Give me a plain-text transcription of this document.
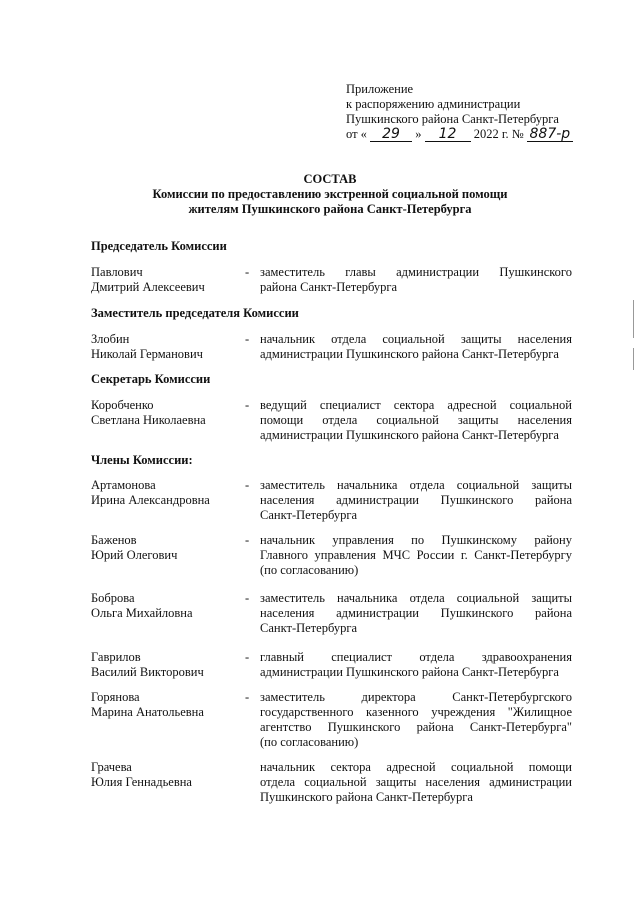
Приложение
к распоряжению администрации
Пушкинского района Санкт-Петербурга
от « 29 » 12 2022 г. № 887-р
СОСТАВ
Комиссии по предоставлению экстренной социальной помощи
жителям Пушкинского района Санкт-Петербурга
Председатель Комиссии
Заместитель председателя Комиссии
Секретарь Комиссии
Члены Комиссии:
Павлович
Дмитрий Алексеевич
- заместитель главы администрации Пушкинского
района Санкт-Петербурга
Злобин
Николай Германович
- начальник отдела социальной защиты населения
администрации Пушкинского района Санкт-Петербурга
Коробченко
Светлана Николаевна
- ведущий специалист сектора адресной социальной
помощи отдела социальной защиты населения
администрации Пушкинского района Санкт-Петербурга
Артамонова
Ирина Александровна
- заместитель начальника отдела социальной защиты
населения администрации Пушкинского района
Санкт-Петербурга
Баженов
Юрий Олегович
- начальник управления по Пушкинскому району
Главного управления МЧС России г. Санкт-Петербургу
(по согласованию)
Боброва
Ольга Михайловна
- заместитель начальника отдела социальной защиты
населения администрации Пушкинского района
Санкт-Петербурга
Гаврилов
Василий Викторович
- главный специалист отдела здравоохранения
администрации Пушкинского района Санкт-Петербурга
Горянова
Марина Анатольевна
- заместитель директора Санкт-Петербургского
государственного казенного учреждения "Жилищное
агентство Пушкинского района Санкт-Петербурга"
(по согласованию)
Грачева
Юлия Геннадьевна
начальник сектора адресной социальной помощи
отдела социальной защиты населения администрации
Пушкинского района Санкт-Петербурга
